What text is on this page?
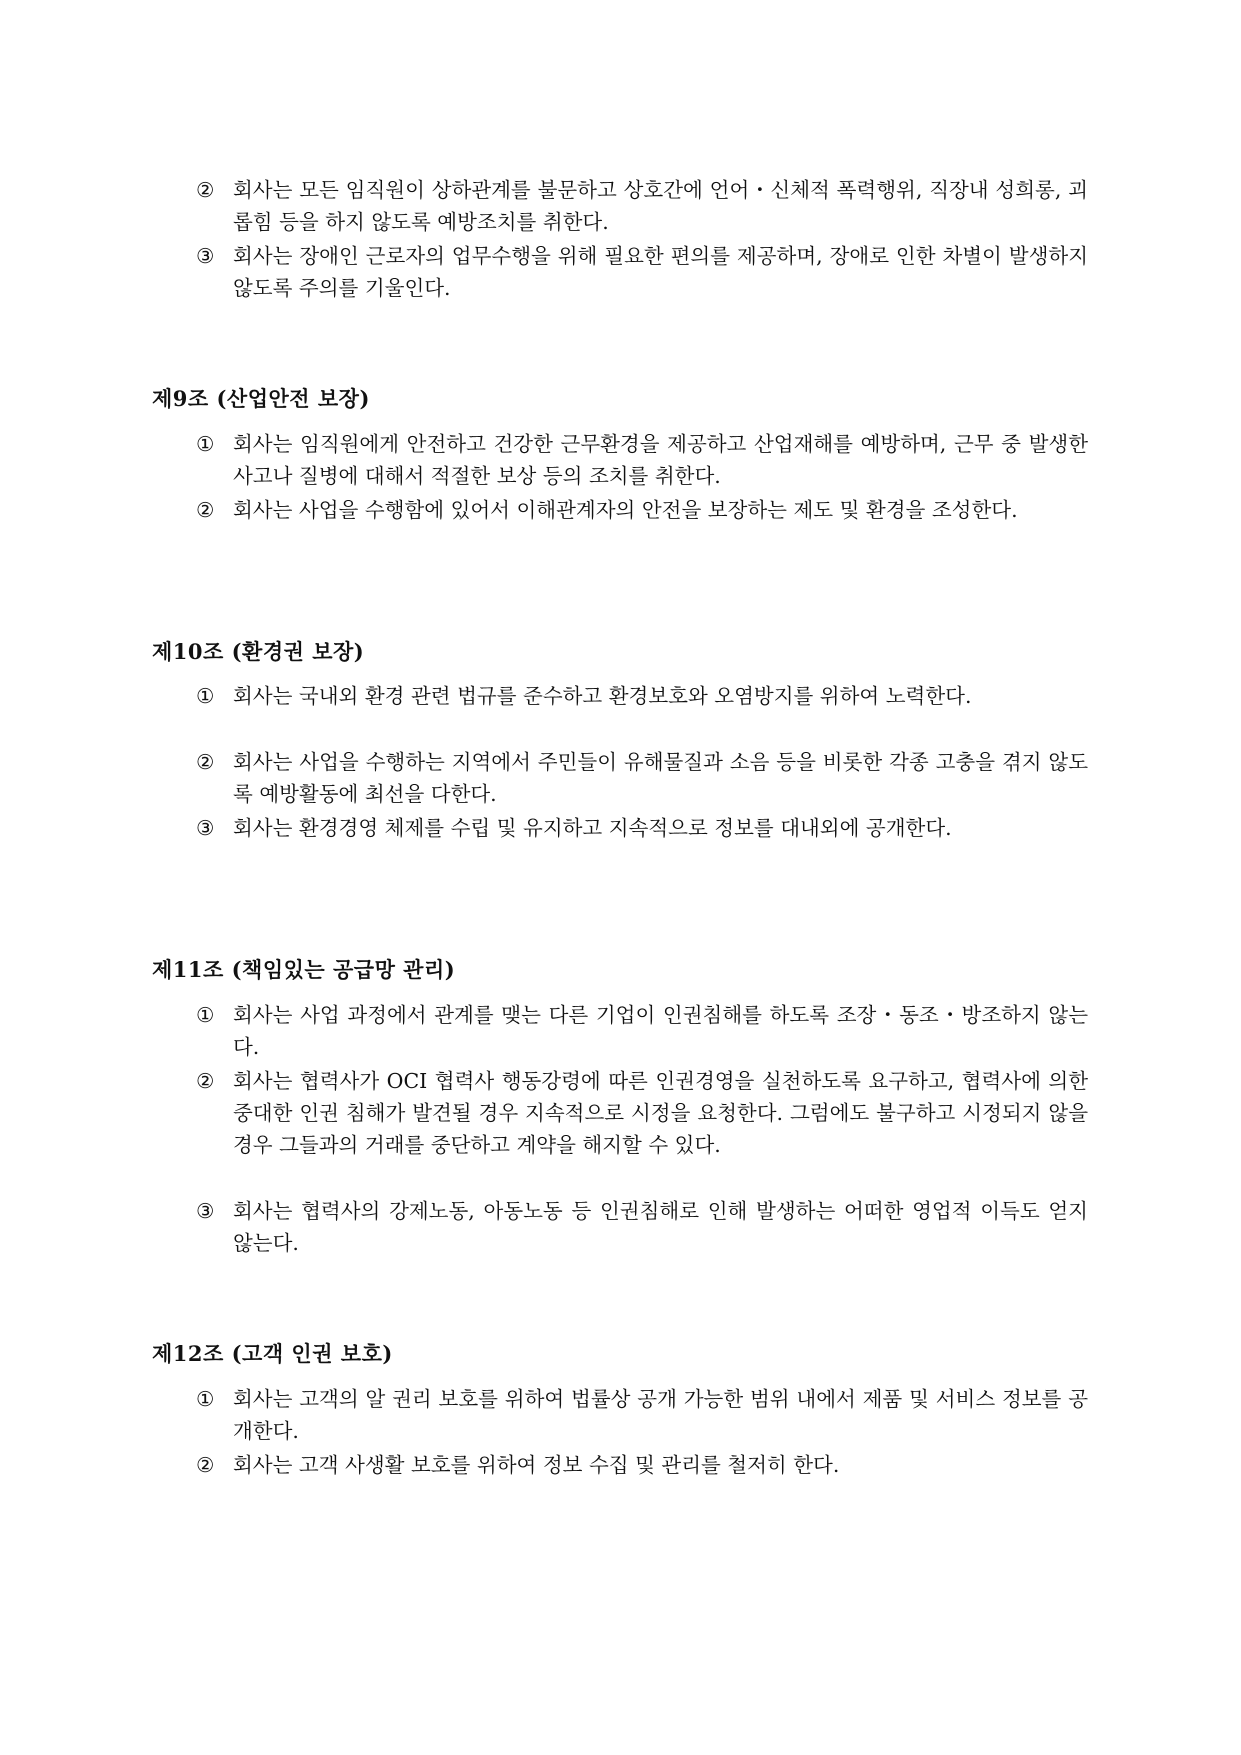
② 회사는 모든 임직원이 상하관계를 불문하고 상호간에 언어・신체적 폭력행위, 직장내 성희롱, 괴롭힘 등을 하지 않도록 예방조치를 취한다.
③ 회사는 장애인 근로자의 업무수행을 위해 필요한 편의를 제공하며, 장애로 인한 차별이 발생하지 않도록 주의를 기울인다.
제9조 (산업안전 보장)
① 회사는 임직원에게 안전하고 건강한 근무환경을 제공하고 산업재해를 예방하며, 근무 중 발생한 사고나 질병에 대해서 적절한 보상 등의 조치를 취한다.
② 회사는 사업을 수행함에 있어서 이해관계자의 안전을 보장하는 제도 및 환경을 조성한다.
제10조 (환경권 보장)
① 회사는 국내외 환경 관련 법규를 준수하고 환경보호와 오염방지를 위하여 노력한다.
② 회사는 사업을 수행하는 지역에서 주민들이 유해물질과 소음 등을 비롯한 각종 고충을 겪지 않도록 예방활동에 최선을 다한다.
③ 회사는 환경경영 체제를 수립 및 유지하고 지속적으로 정보를 대내외에 공개한다.
제11조 (책임있는 공급망 관리)
① 회사는 사업 과정에서 관계를 맺는 다른 기업이 인권침해를 하도록 조장・동조・방조하지 않는다.
② 회사는 협력사가 OCI 협력사 행동강령에 따른 인권경영을 실천하도록 요구하고, 협력사에 의한 중대한 인권 침해가 발견될 경우 지속적으로 시정을 요청한다. 그럼에도 불구하고 시정되지 않을 경우 그들과의 거래를 중단하고 계약을 해지할 수 있다.
③ 회사는 협력사의 강제노동, 아동노동 등 인권침해로 인해 발생하는 어떠한 영업적 이득도 얻지 않는다.
제12조 (고객 인권 보호)
① 회사는 고객의 알 권리 보호를 위하여 법률상 공개 가능한 범위 내에서 제품 및 서비스 정보를 공개한다.
② 회사는 고객 사생활 보호를 위하여 정보 수집 및 관리를 철저히 한다.
